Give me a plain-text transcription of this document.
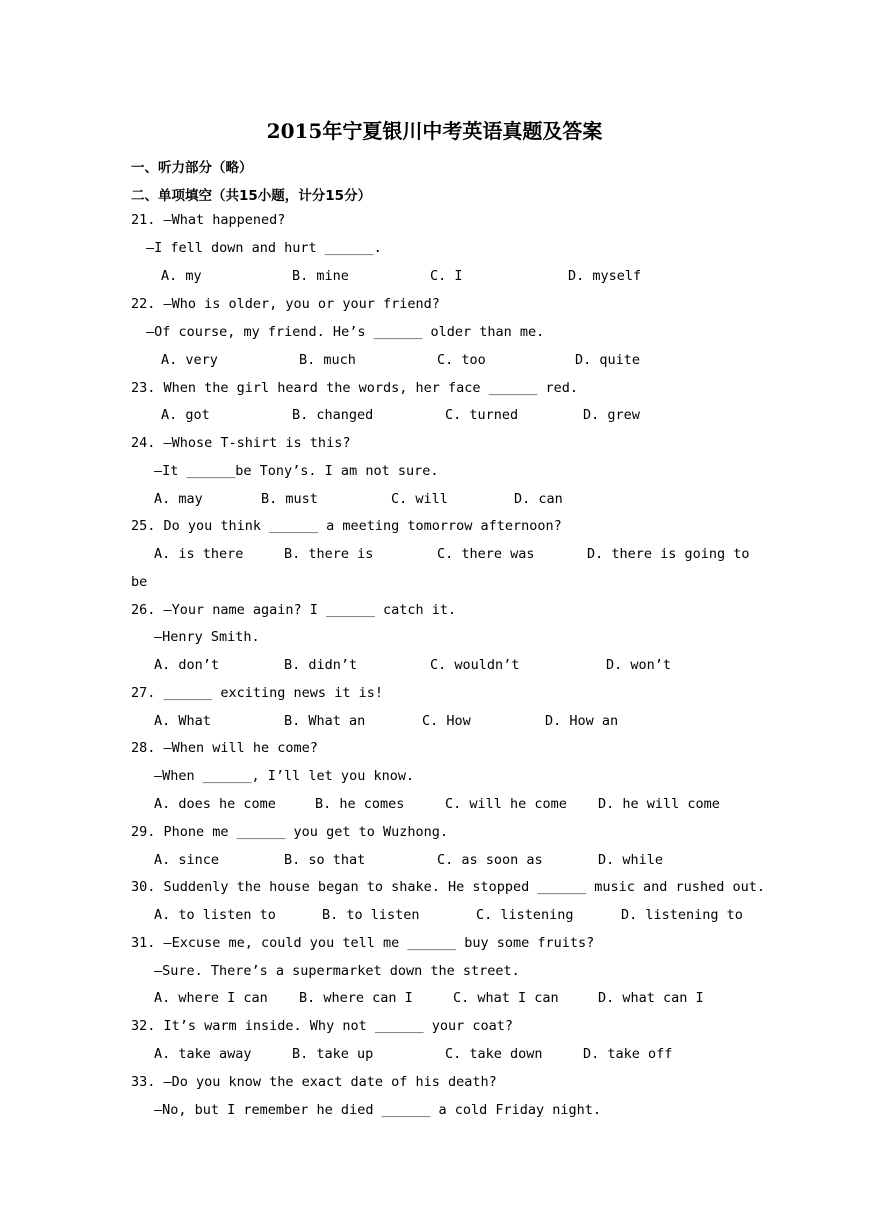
2015年宁夏银川中考英语真题及答案
一、听力部分（略）
二、单项填空（共15小题，计分15分）
21. —What happened?
—I fell down and hurt ______.
A. my	B. mine	C. I	D. myself
22. —Who is older, you or your friend?
—Of course, my friend. He’s ______ older than me.
A. very	B. much	C. too	D. quite
23. When the girl heard the words, her face ______ red.
A. got	B. changed	C. turned	D. grew
24. —Whose T-shirt is this?
—It ______be Tony’s. I am not sure.
A. may	B. must	C. will	D. can
25. Do you think ______ a meeting tomorrow afternoon?
A. is there	B. there is	C. there was	D. there is going to
be
26. —Your name again? I ______ catch it.
—Henry Smith.
A. don’t	B. didn’t	C. wouldn’t	D. won’t
27. ______ exciting news it is!
A. What	B. What an	C. How	D. How an
28. —When will he come?
—When ______, I’ll let you know.
A. does he come	B. he comes	C. will he come D. he will come
29. Phone me ______ you get to Wuzhong.
A. since	B. so that	C. as soon as	D. while
30. Suddenly the house began to shake. He stopped ______ music and rushed out.
A. to listen to	B. to listen	C. listening	D. listening to
31. —Excuse me, could you tell me ______ buy some fruits?
—Sure. There’s a supermarket down the street.
A. where I can B. where can I	C. what I can	D. what can I
32. It’s warm inside. Why not ______ your coat?
A. take away	B. take up	C. take down	D. take off
33. —Do you know the exact date of his death?
—No, but I remember he died ______ a cold Friday night.
